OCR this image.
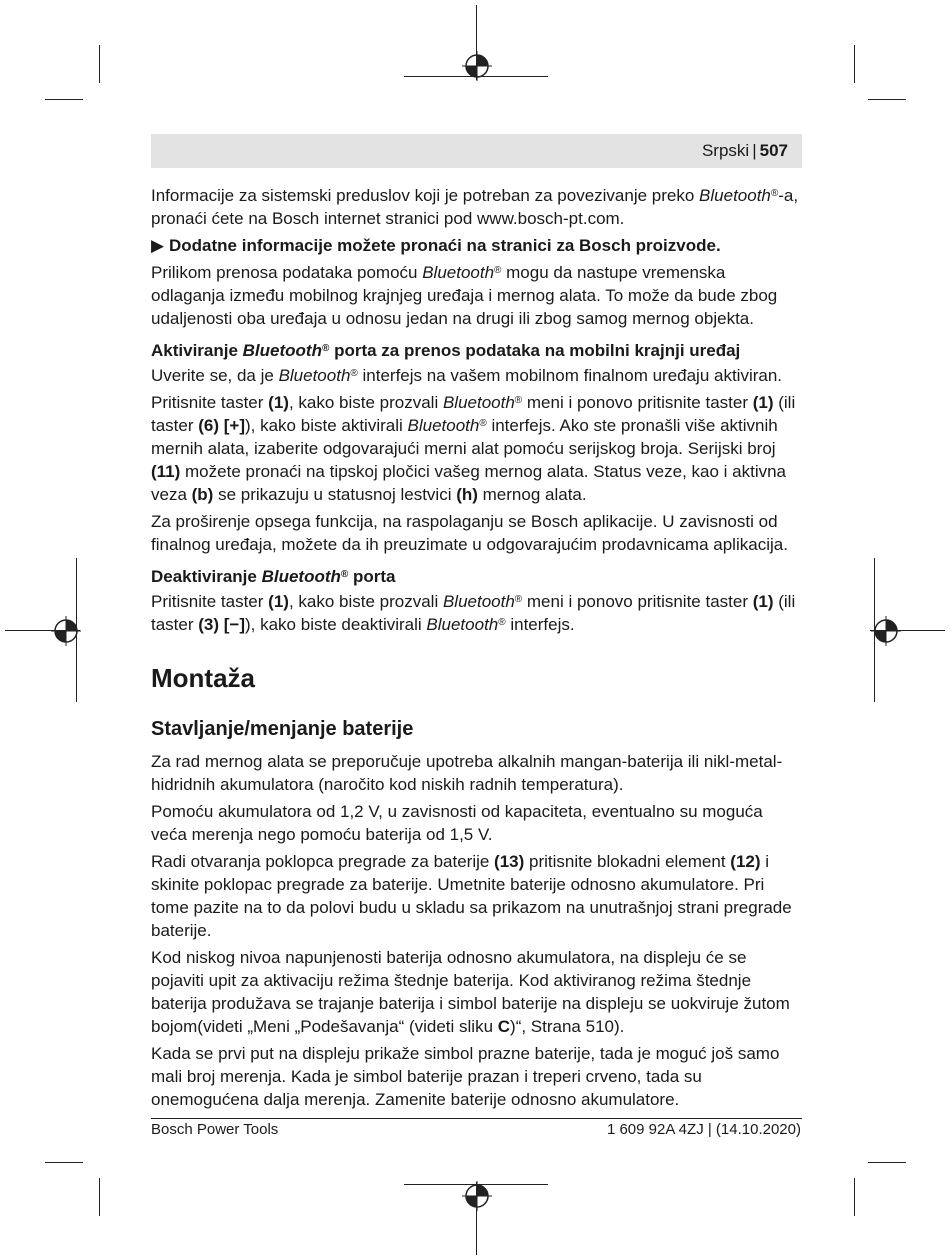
Srpski | 507

Informacije za sistemski preduslov koji je potreban za povezivanje preko Bluetooth®-a, pronaći ćete na Bosch internet stranici pod www.bosch-pt.com.

▶ Dodatne informacije možete pronaći na stranici za Bosch proizvode.

Prilikom prenosa podataka pomoću Bluetooth® mogu da nastupe vremenska odlaganja između mobilnog krajnjeg uređaja i mernog alata. To može da bude zbog udaljenosti oba uređaja u odnosu jedan na drugi ili zbog samog mernog objekta.

Aktiviranje Bluetooth® porta za prenos podataka na mobilni krajnji uređaj

Uverite se, da je Bluetooth® interfejs na vašem mobilnom finalnom uređaju aktiviran.

Pritisnite taster (1), kako biste prozvali Bluetooth® meni i ponovo pritisnite taster (1) (ili taster (6) [+]), kako biste aktivirali Bluetooth® interfejs. Ako ste pronašli više aktivnih mernih alata, izaberite odgovarajući merni alat pomoću serijskog broja. Serijski broj (11) možete pronaći na tipskoj pločici vašeg mernog alata. Status veze, kao i aktivna veza (b) se prikazuju u statusnoj lestvici (h) mernog alata.

Za proširenje opsega funkcija, na raspolaganju se Bosch aplikacije. U zavisnosti od finalnog uređaja, možete da ih preuzimate u odgovarajućim prodavnicama aplikacija.

Deaktiviranje Bluetooth® porta

Pritisnite taster (1), kako biste prozvali Bluetooth® meni i ponovo pritisnite taster (1) (ili taster (3) [−]), kako biste deaktivirali Bluetooth® interfejs.

Montaža
Stavljanje/menjanje baterije

Za rad mernog alata se preporučuje upotreba alkalnih mangan-baterija ili nikl-metal-hidridnih akumulatora (naročito kod niskih radnih temperatura).

Pomoću akumulatora od 1,2 V, u zavisnosti od kapaciteta, eventualno su moguća veća merenja nego pomoću baterija od 1,5 V.

Radi otvaranja poklopca pregrade za baterije (13) pritisnite blokadni element (12) i skinite poklopac pregrade za baterije. Umetnite baterije odnosno akumulatore. Pri tome pazite na to da polovi budu u skladu sa prikazom na unutrašnjoj strani pregrade baterije.

Kod niskog nivoa napunjenosti baterija odnosno akumulatora, na displeju će se pojaviti upit za aktivaciju režima štednje baterija. Kod aktiviranog režima štednje baterija produžava se trajanje baterija i simbol baterije na displeju se uokviruje žutom bojom(videti „Meni „Podešavanja“ (videti sliku C)“, Strana 510).

Kada se prvi put na displeju prikaže simbol prazne baterije, tada je moguć još samo mali broj merenja. Kada je simbol baterije prazan i treperi crveno, tada su onemogućena dalja merenja. Zamenite baterije odnosno akumulatore.

Bosch Power Tools	1 609 92A 4ZJ | (14.10.2020)
